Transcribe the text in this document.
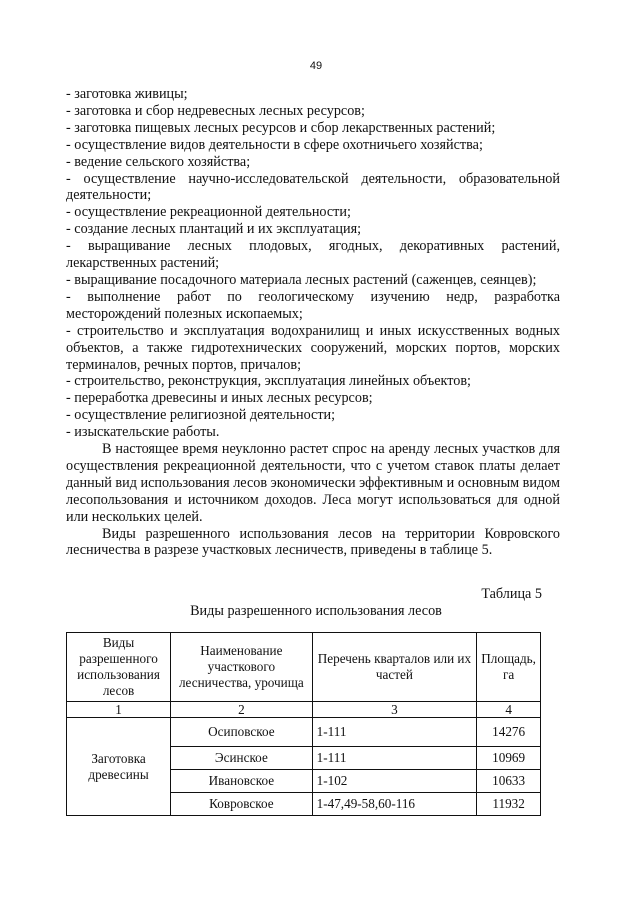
49

- заготовка живицы;

- заготовка и сбор недревесных лесных ресурсов;

- заготовка пищевых лесных ресурсов и сбор лекарственных растений;

- осуществление видов деятельности в сфере охотничьего хозяйства;

- ведение сельского хозяйства;

- осуществление научно-исследовательской деятельности, образовательной деятельности;

- осуществление рекреационной деятельности;

- создание лесных плантаций и их эксплуатация;

- выращивание лесных плодовых, ягодных, декоративных растений, лекарственных растений;

- выращивание посадочного материала лесных растений (саженцев, сеянцев);

- выполнение работ по геологическому изучению недр, разработка месторождений полезных ископаемых;

- строительство и эксплуатация водохранилищ и иных искусственных водных объектов, а также гидротехнических сооружений, морских портов, морских терминалов, речных портов, причалов;

- строительство, реконструкция, эксплуатация линейных объектов;

- переработка древесины и иных лесных ресурсов;

- осуществление религиозной деятельности;

- изыскательские работы.

В настоящее время неуклонно растет спрос на аренду лесных участков для осуществления рекреационной деятельности, что с учетом ставок платы делает данный вид использования лесов экономически эффективным и основным видом лесопользования и источником доходов. Леса могут использоваться для одной или нескольких целей.

Виды разрешенного использования лесов на территории Ковровского лесничества в разрезе участковых лесничеств, приведены в таблице 5.

Таблица 5
Виды разрешенного использования лесов
Виды разрешенного использования лесов	Наименование участкового лесничества, урочища	Перечень кварталов или их частей	Площадь, га
1	2	3	4
Заготовка древесины	Осиповское	1-111	14276
	Эсинское	1-111	10969
	Ивановское	1-102	10633
	Ковровское	1-47,49-58,60-116	11932
